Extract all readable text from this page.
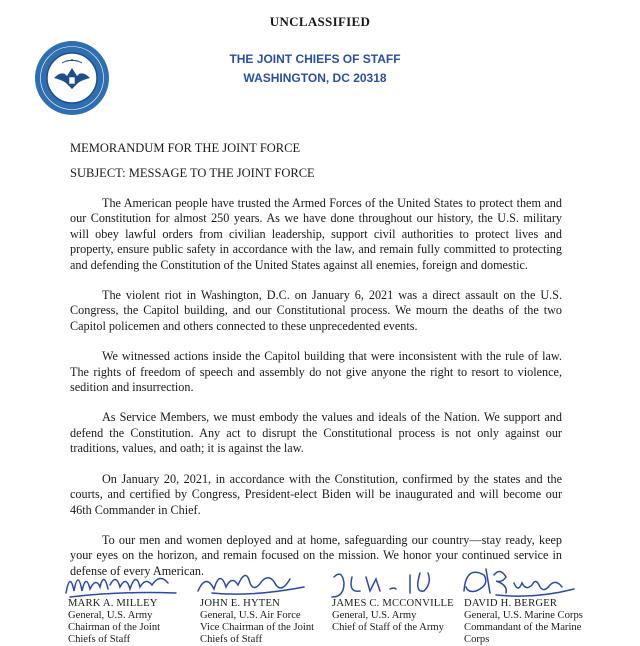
UNCLASSIFIED
THE JOINT CHIEFS OF STAFF
WASHINGTON, DC 20318
MEMORANDUM FOR THE JOINT FORCE
SUBJECT: MESSAGE TO THE JOINT FORCE

The American people have trusted the Armed Forces of the United States to protect them and our Constitution for almost 250 years. As we have done throughout our history, the U.S. military will obey lawful orders from civilian leadership, support civil authorities to protect lives and property, ensure public safety in accordance with the law, and remain fully committed to protecting and defending the Constitution of the United States against all enemies, foreign and domestic.

The violent riot in Washington, D.C. on January 6, 2021 was a direct assault on the U.S. Congress, the Capitol building, and our Constitutional process. We mourn the deaths of the two Capitol policemen and others connected to these unprecedented events.

We witnessed actions inside the Capitol building that were inconsistent with the rule of law. The rights of freedom of speech and assembly do not give anyone the right to resort to violence, sedition and insurrection.

As Service Members, we must embody the values and ideals of the Nation. We support and defend the Constitution. Any act to disrupt the Constitutional process is not only against our traditions, values, and oath; it is against the law.

On January 20, 2021, in accordance with the Constitution, confirmed by the states and the courts, and certified by Congress, President-elect Biden will be inaugurated and will become our 46th Commander in Chief.

To our men and women deployed and at home, safeguarding our country—stay ready, keep your eyes on the horizon, and remain focused on the mission. We honor your continued service in defense of every American.

MARK A. MILLEY
General, U.S. Army
Chairman of the Joint
Chiefs of Staff
JOHN E. HYTEN
General, U.S. Air Force
Vice Chairman of the Joint
Chiefs of Staff
JAMES C. MCCONVILLE
General, U.S. Army
Chief of Staff of the Army
DAVID H. BERGER
General, U.S. Marine Corps
Commandant of the Marine
Corps
